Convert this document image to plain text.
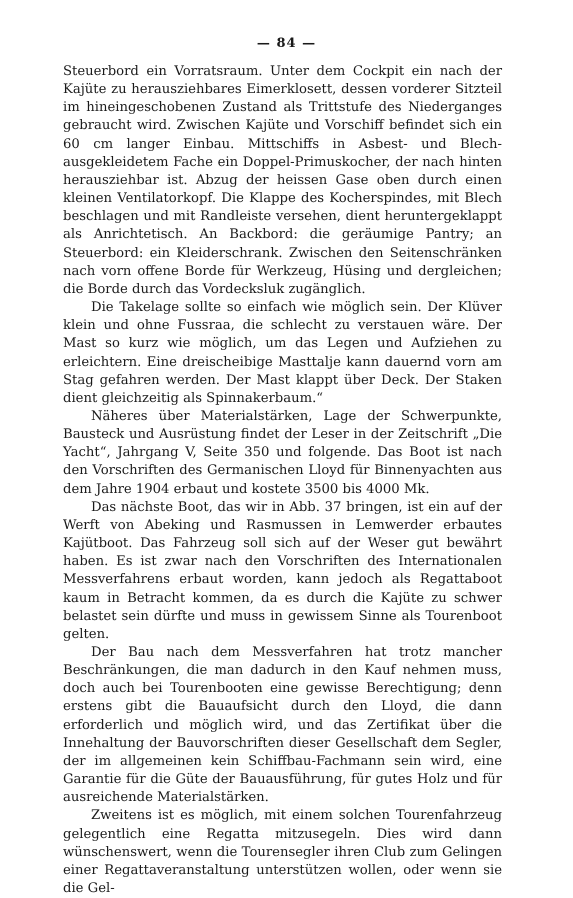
— 84 —

Steuerbord ein Vorratsraum. Unter dem Cockpit ein nach der Kajüte zu herausziehbares Eimerklosett, dessen vorderer Sitzteil im hineingeschobenen Zustand als Trittstufe des Niederganges gebraucht wird. Zwischen Kajüte und Vorschiff befindet sich ein 60 cm langer Einbau. Mittschiffs in Asbest- und Blech- ausgekleidetem Fache ein Doppel-Primuskocher, der nach hinten herausziehbar ist. Abzug der heissen Gase oben durch einen kleinen Ventilatorkopf. Die Klappe des Kocherspindes, mit Blech beschlagen und mit Randleiste versehen, dient heruntergeklappt als Anrichtetisch. An Backbord: die geräumige Pantry; an Steuerbord: ein Kleiderschrank. Zwischen den Seitenschränken nach vorn offene Borde für Werkzeug, Hüsing und dergleichen; die Borde durch das Vordecksluk zugänglich.

Die Takelage sollte so einfach wie möglich sein. Der Klüver klein und ohne Fussraa, die schlecht zu verstauen wäre. Der Mast so kurz wie möglich, um das Legen und Aufziehen zu erleichtern. Eine dreischeibige Masttalje kann dauernd vorn am Stag gefahren werden. Der Mast klappt über Deck. Der Staken dient gleichzeitig als Spinnakerbaum.“

Näheres über Materialstärken, Lage der Schwerpunkte, Bausteck und Ausrüstung findet der Leser in der Zeitschrift „Die Yacht“, Jahrgang V, Seite 350 und folgende. Das Boot ist nach den Vorschriften des Germanischen Lloyd für Binnenyachten aus dem Jahre 1904 erbaut und kostete 3500 bis 4000 Mk.

Das nächste Boot, das wir in Abb. 37 bringen, ist ein auf der Werft von Abeking und Rasmussen in Lemwerder erbautes Kajütboot. Das Fahrzeug soll sich auf der Weser gut bewährt haben. Es ist zwar nach den Vorschriften des Internationalen Messverfahrens erbaut worden, kann jedoch als Regattaboot kaum in Betracht kommen, da es durch die Kajüte zu schwer belastet sein dürfte und muss in gewissem Sinne als Tourenboot gelten.

Der Bau nach dem Messverfahren hat trotz mancher Beschränkungen, die man dadurch in den Kauf nehmen muss, doch auch bei Tourenbooten eine gewisse Berechtigung; denn erstens gibt die Bauaufsicht durch den Lloyd, die dann erforderlich und möglich wird, und das Zertifikat über die Innehaltung der Bauvorschriften dieser Gesellschaft dem Segler, der im allgemeinen kein Schiffbau-Fachmann sein wird, eine Garantie für die Güte der Bauausführung, für gutes Holz und für ausreichende Materialstärken.

Zweitens ist es möglich, mit einem solchen Tourenfahrzeug gelegentlich eine Regatta mitzusegeln. Dies wird dann wünschenswert, wenn die Tourensegler ihren Club zum Gelingen einer Regattaveranstaltung unterstützen wollen, oder wenn sie die Gel-
